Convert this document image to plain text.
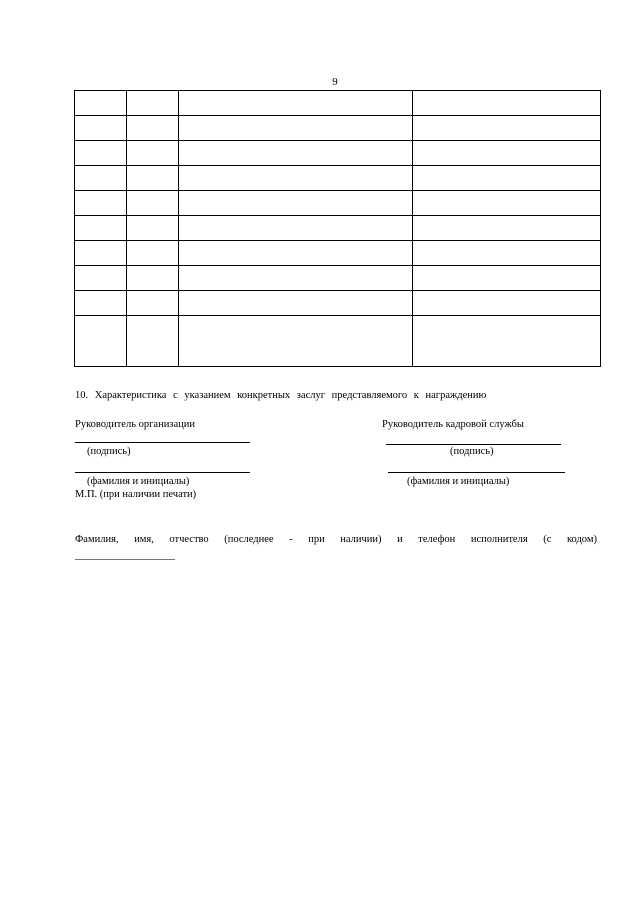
9

10. Характеристика с указанием конкретных заслуг представляемого к награждению
Руководитель организации
(подпись)
(фамилия и инициалы)
М.П. (при наличии печати)
Руководитель кадровой службы
(подпись)
(фамилия и инициалы)
Фамилия, имя, отчество (последнее - при наличии) и телефон исполнителя (с кодом)
